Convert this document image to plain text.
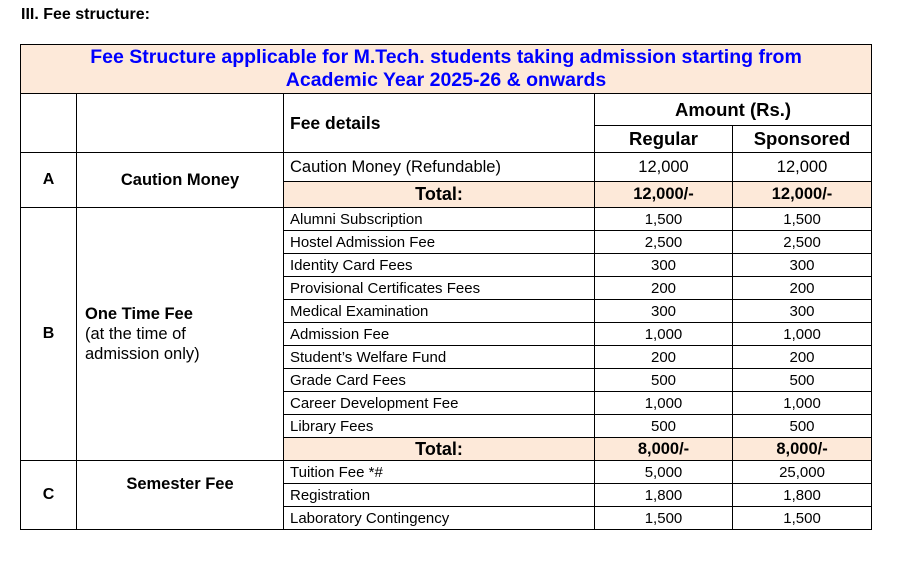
III. Fee structure:
Fee Structure applicable for M.Tech. students taking admission starting from
Academic Year 2025-26 & onwards				
		Fee details	Amount (Rs.)	
			Regular	Sponsored
A	Caution Money	Caution Money (Refundable)	12,000	12,000
		Total:	12,000/-	12,000/-
B	One Time Fee
(at the time of
admission only)	Alumni Subscription	1,500	1,500
		Hostel Admission Fee	2,500	2,500
		Identity Card Fees	300	300
		Provisional Certificates Fees	200	200
		Medical Examination	300	300
		Admission Fee	1,000	1,000
		Student’s Welfare Fund	200	200
		Grade Card Fees	500	500
		Career Development Fee	1,000	1,000
		Library Fees	500	500
		Total:	8,000/-	8,000/-
C	Semester Fee	Tuition Fee *#	5,000	25,000
		Registration	1,800	1,800
		Laboratory Contingency	1,500	1,500
